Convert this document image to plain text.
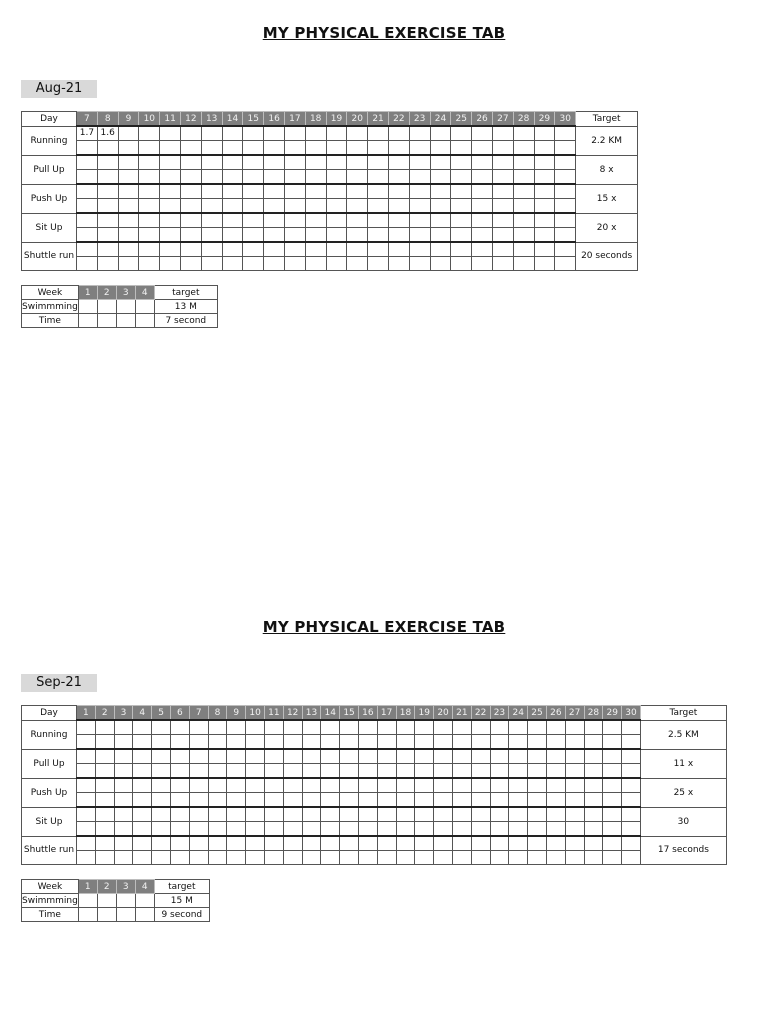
MY PHYSICAL EXERCISE TAB
Aug-21
Day	7	8	9	10	11	12	13	14	15	16	17	18	19	20	21	22	23	24	25	26	27	28	29	30	Target
Running	1.7	1.6																							2.2 KM

Pull Up																									8 x

Push Up																									15 x

Sit Up																									20 x

Shuttle run																									20 seconds

Week	1	2	3	4	target
Swimmming					13 M
Time					7 second
MY PHYSICAL EXERCISE TAB
Sep-21
Day	1	2	3	4	5	6	7	8	9	10	11	12	13	14	15	16	17	18	19	20	21	22	23	24	25	26	27	28	29	30	Target
Running																															2.5 KM

Pull Up																															11 x

Push Up																															25 x

Sit Up																															30

Shuttle run																															17 seconds

Week	1	2	3	4	target
Swimmming					15 M
Time					9 second
